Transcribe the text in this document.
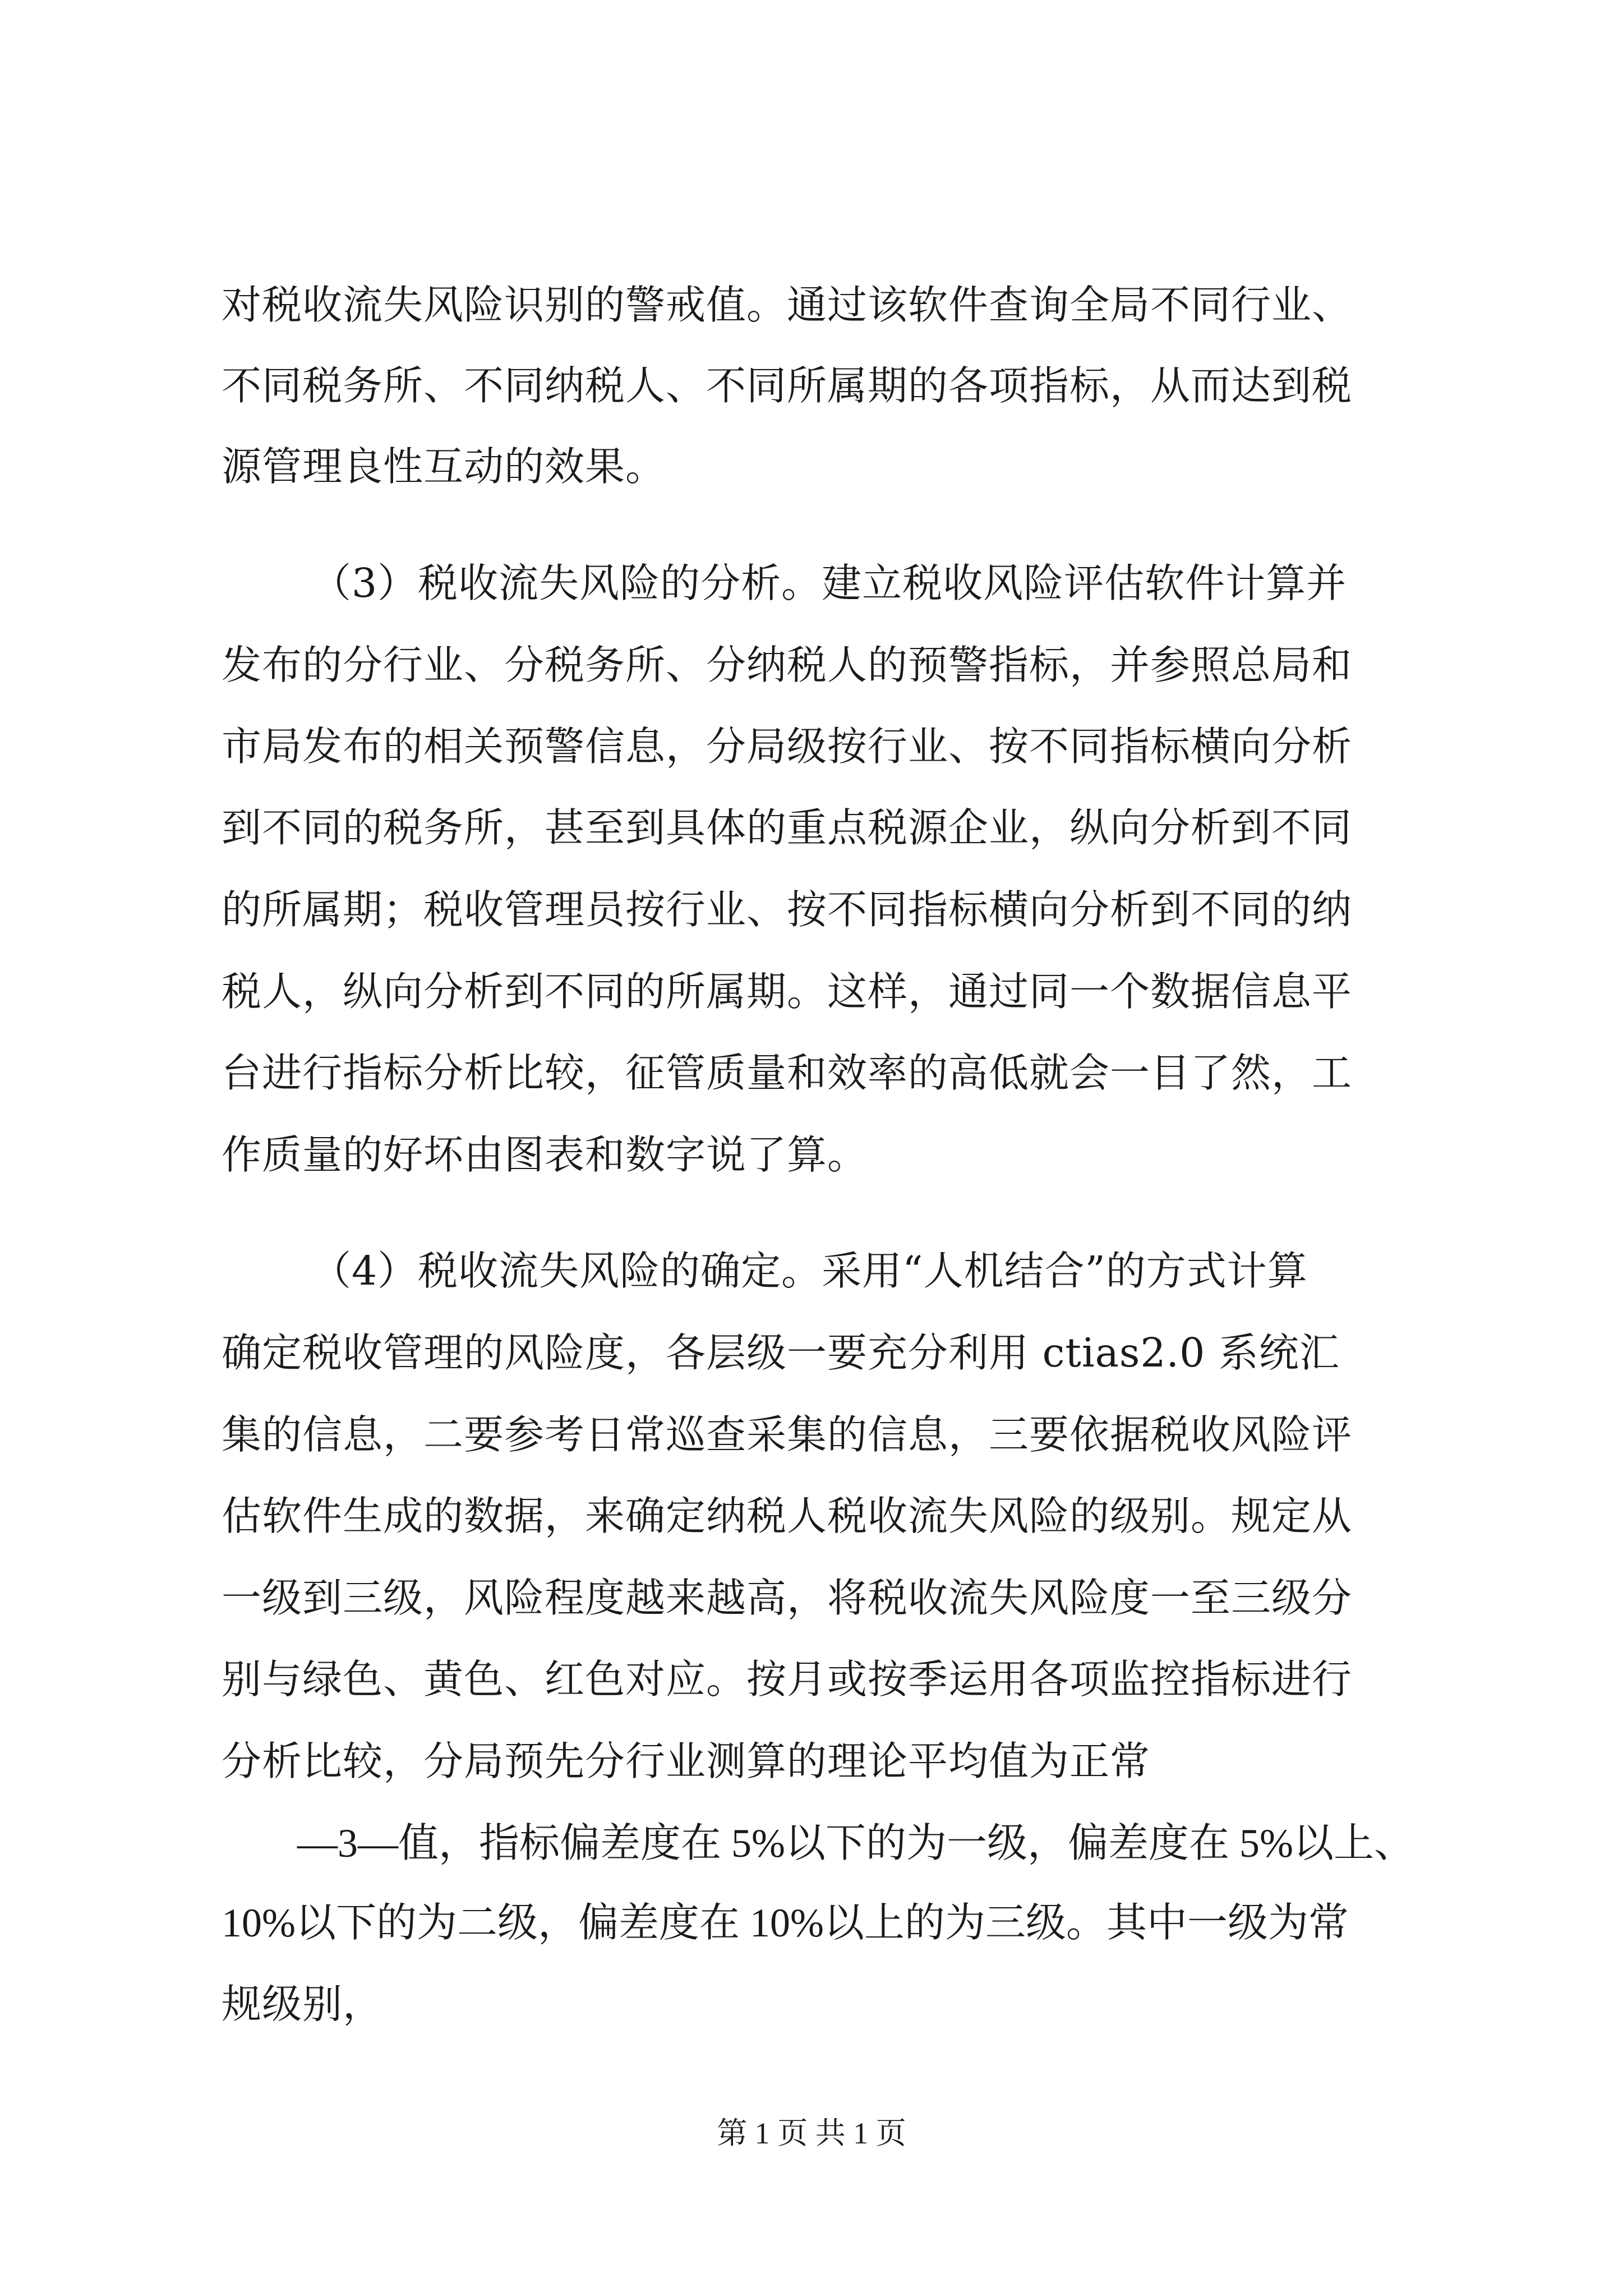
对税收流失风险识别的警戒值。通过该软件查询全局不同行业、
不同税务所、不同纳税人、不同所属期的各项指标，从而达到税
源管理良性互动的效果。
（3）税收流失风险的分析。建立税收风险评估软件计算并
发布的分行业、分税务所、分纳税人的预警指标，并参照总局和
市局发布的相关预警信息，分局级按行业、按不同指标横向分析
到不同的税务所，甚至到具体的重点税源企业，纵向分析到不同
的所属期；税收管理员按行业、按不同指标横向分析到不同的纳
税人，纵向分析到不同的所属期。这样，通过同一个数据信息平
台进行指标分析比较，征管质量和效率的高低就会一目了然，工
作质量的好坏由图表和数字说了算。
（4）税收流失风险的确定。采用“人机结合”的方式计算
确定税收管理的风险度，各层级一要充分利用 ctias2.0 系统汇
集的信息，二要参考日常巡查采集的信息，三要依据税收风险评
估软件生成的数据，来确定纳税人税收流失风险的级别。规定从
一级到三级，风险程度越来越高，将税收流失风险度一至三级分
别与绿色、黄色、红色对应。按月或按季运用各项监控指标进行
分析比较，分局预先分行业测算的理论平均值为正常
—3—值，指标偏差度在 5%以下的为一级，偏差度在 5%以上、
10%以下的为二级，偏差度在 10%以上的为三级。其中一级为常
规级别，
第 1 页 共 1 页
